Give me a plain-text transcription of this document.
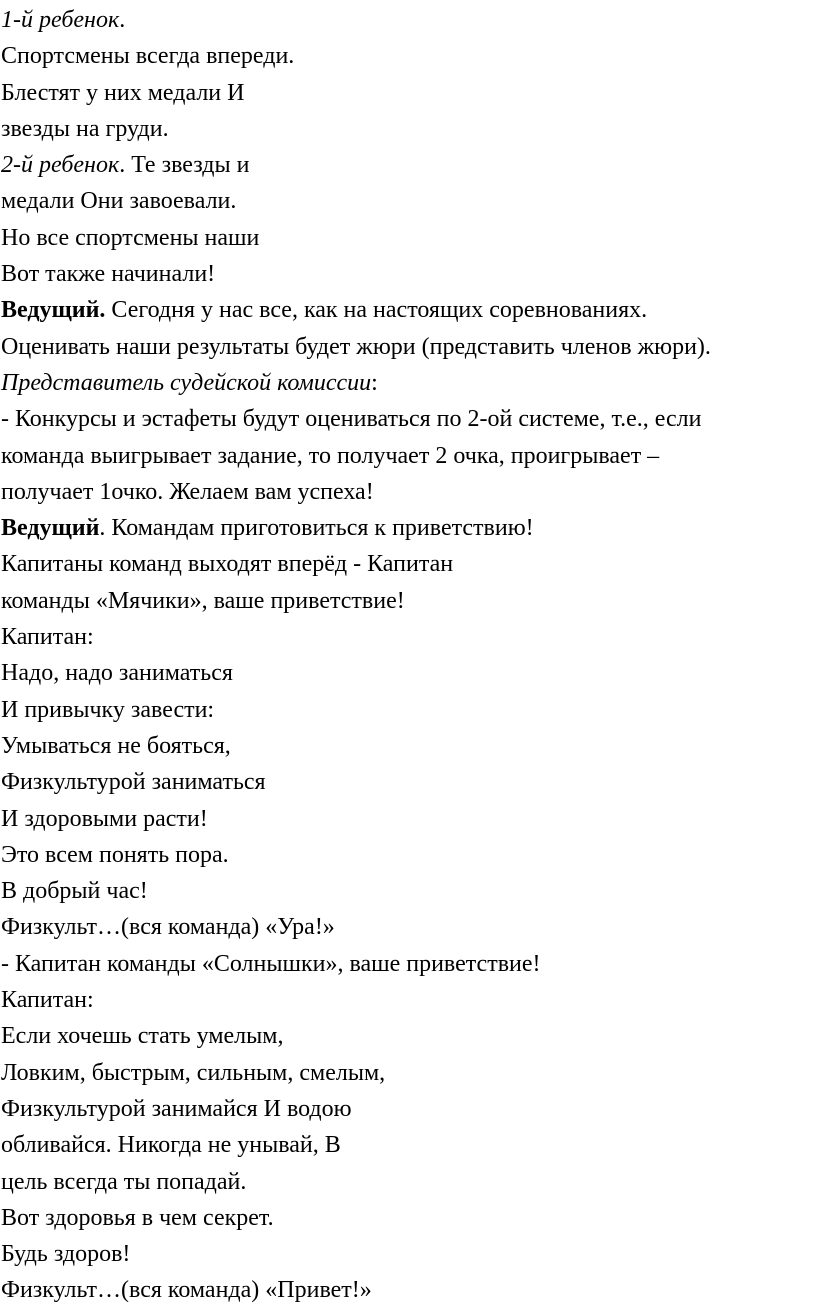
1-й ребенок.

Спортсмены всегда впереди.

Блестят у них медали И

звезды на груди.

2-й ребенок. Те звезды и

медали Они завоевали.

Но все спортсмены наши

Вот также начинали!

Ведущий. Сегодня у нас все, как на настоящих соревнованиях.

Оценивать наши результаты будет жюри (представить членов жюри).

Представитель судейской комиссии:

- Конкурсы и эстафеты будут оцениваться по 2-ой системе, т.е., если

команда выигрывает задание, то получает 2 очка, проигрывает –

получает 1очко. Желаем вам успеха!

Ведущий. Командам приготовиться к приветствию!

Капитаны команд выходят вперёд - Капитан

команды «Мячики», ваше приветствие!

Капитан:

Надо, надо заниматься

И привычку завести:

Умываться не бояться,

Физкультурой заниматься

И здоровыми расти!

Это всем понять пора.

В добрый час!

Физкульт…(вся команда) «Ура!»

- Капитан команды «Солнышки», ваше приветствие!

Капитан:

Если хочешь стать умелым,

Ловким, быстрым, сильным, смелым,

Физкультурой занимайся И водою

обливайся. Никогда не унывай, В

цель всегда ты попадай.

Вот здоровья в чем секрет.

Будь здоров!

Физкульт…(вся команда) «Привет!»
